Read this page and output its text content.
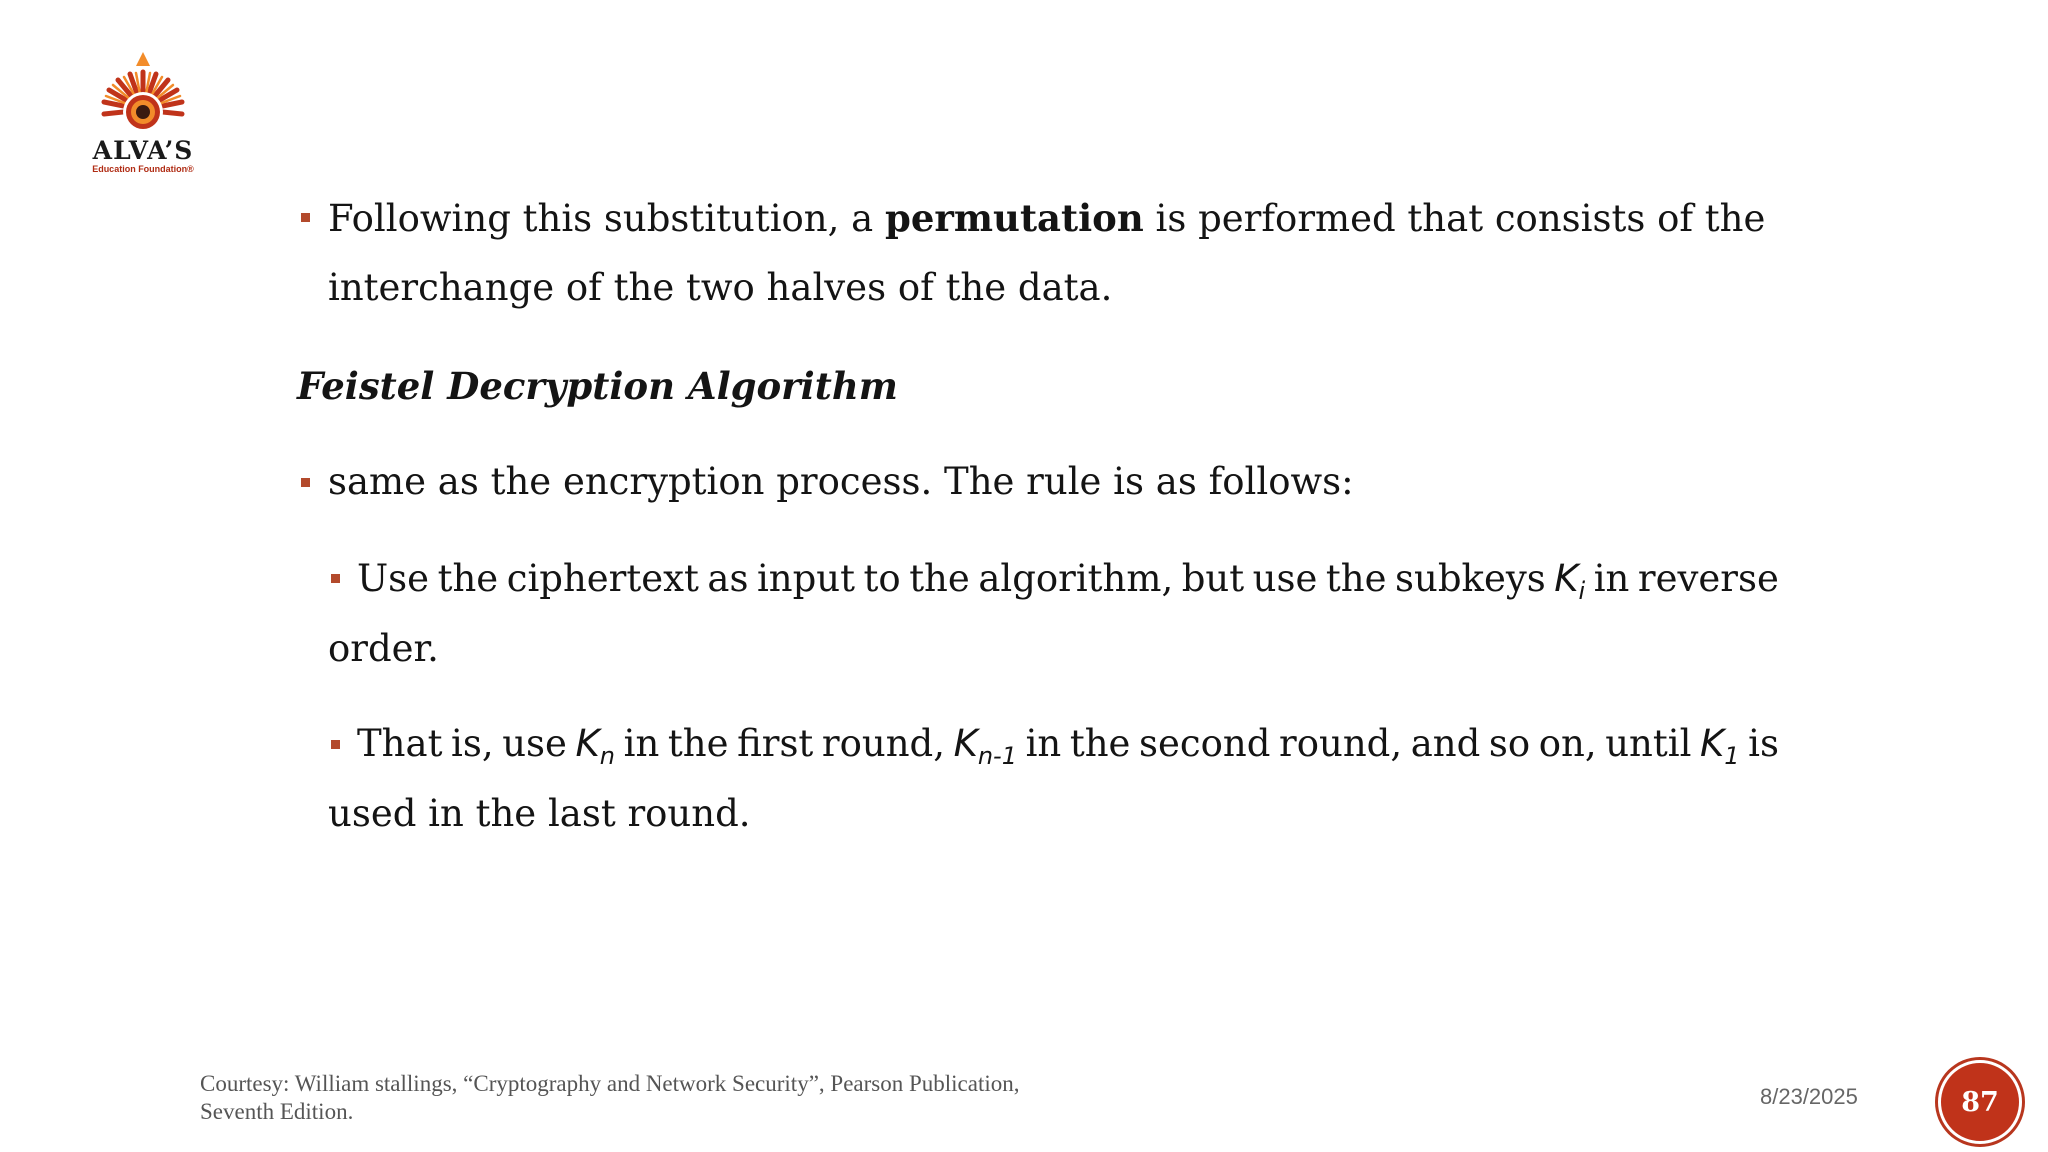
ALVA’S
Education Foundation®
Following this substitution, a permutation is performed that consists of the
interchange of the two halves of the data.
Feistel Decryption Algorithm
same as the encryption process. The rule is as follows:
Use the ciphertext as input to the algorithm, but use the subkeys $K_i$ in reverse
order.
That is, use $K_n$ in the first round, $K_{n-1}$ in the second round, and so on, until $K_1$ is
used in the last round.
Courtesy: William stallings, “Cryptography and Network Security”, Pearson Publication,
Seventh Edition.
8/23/2025	87
